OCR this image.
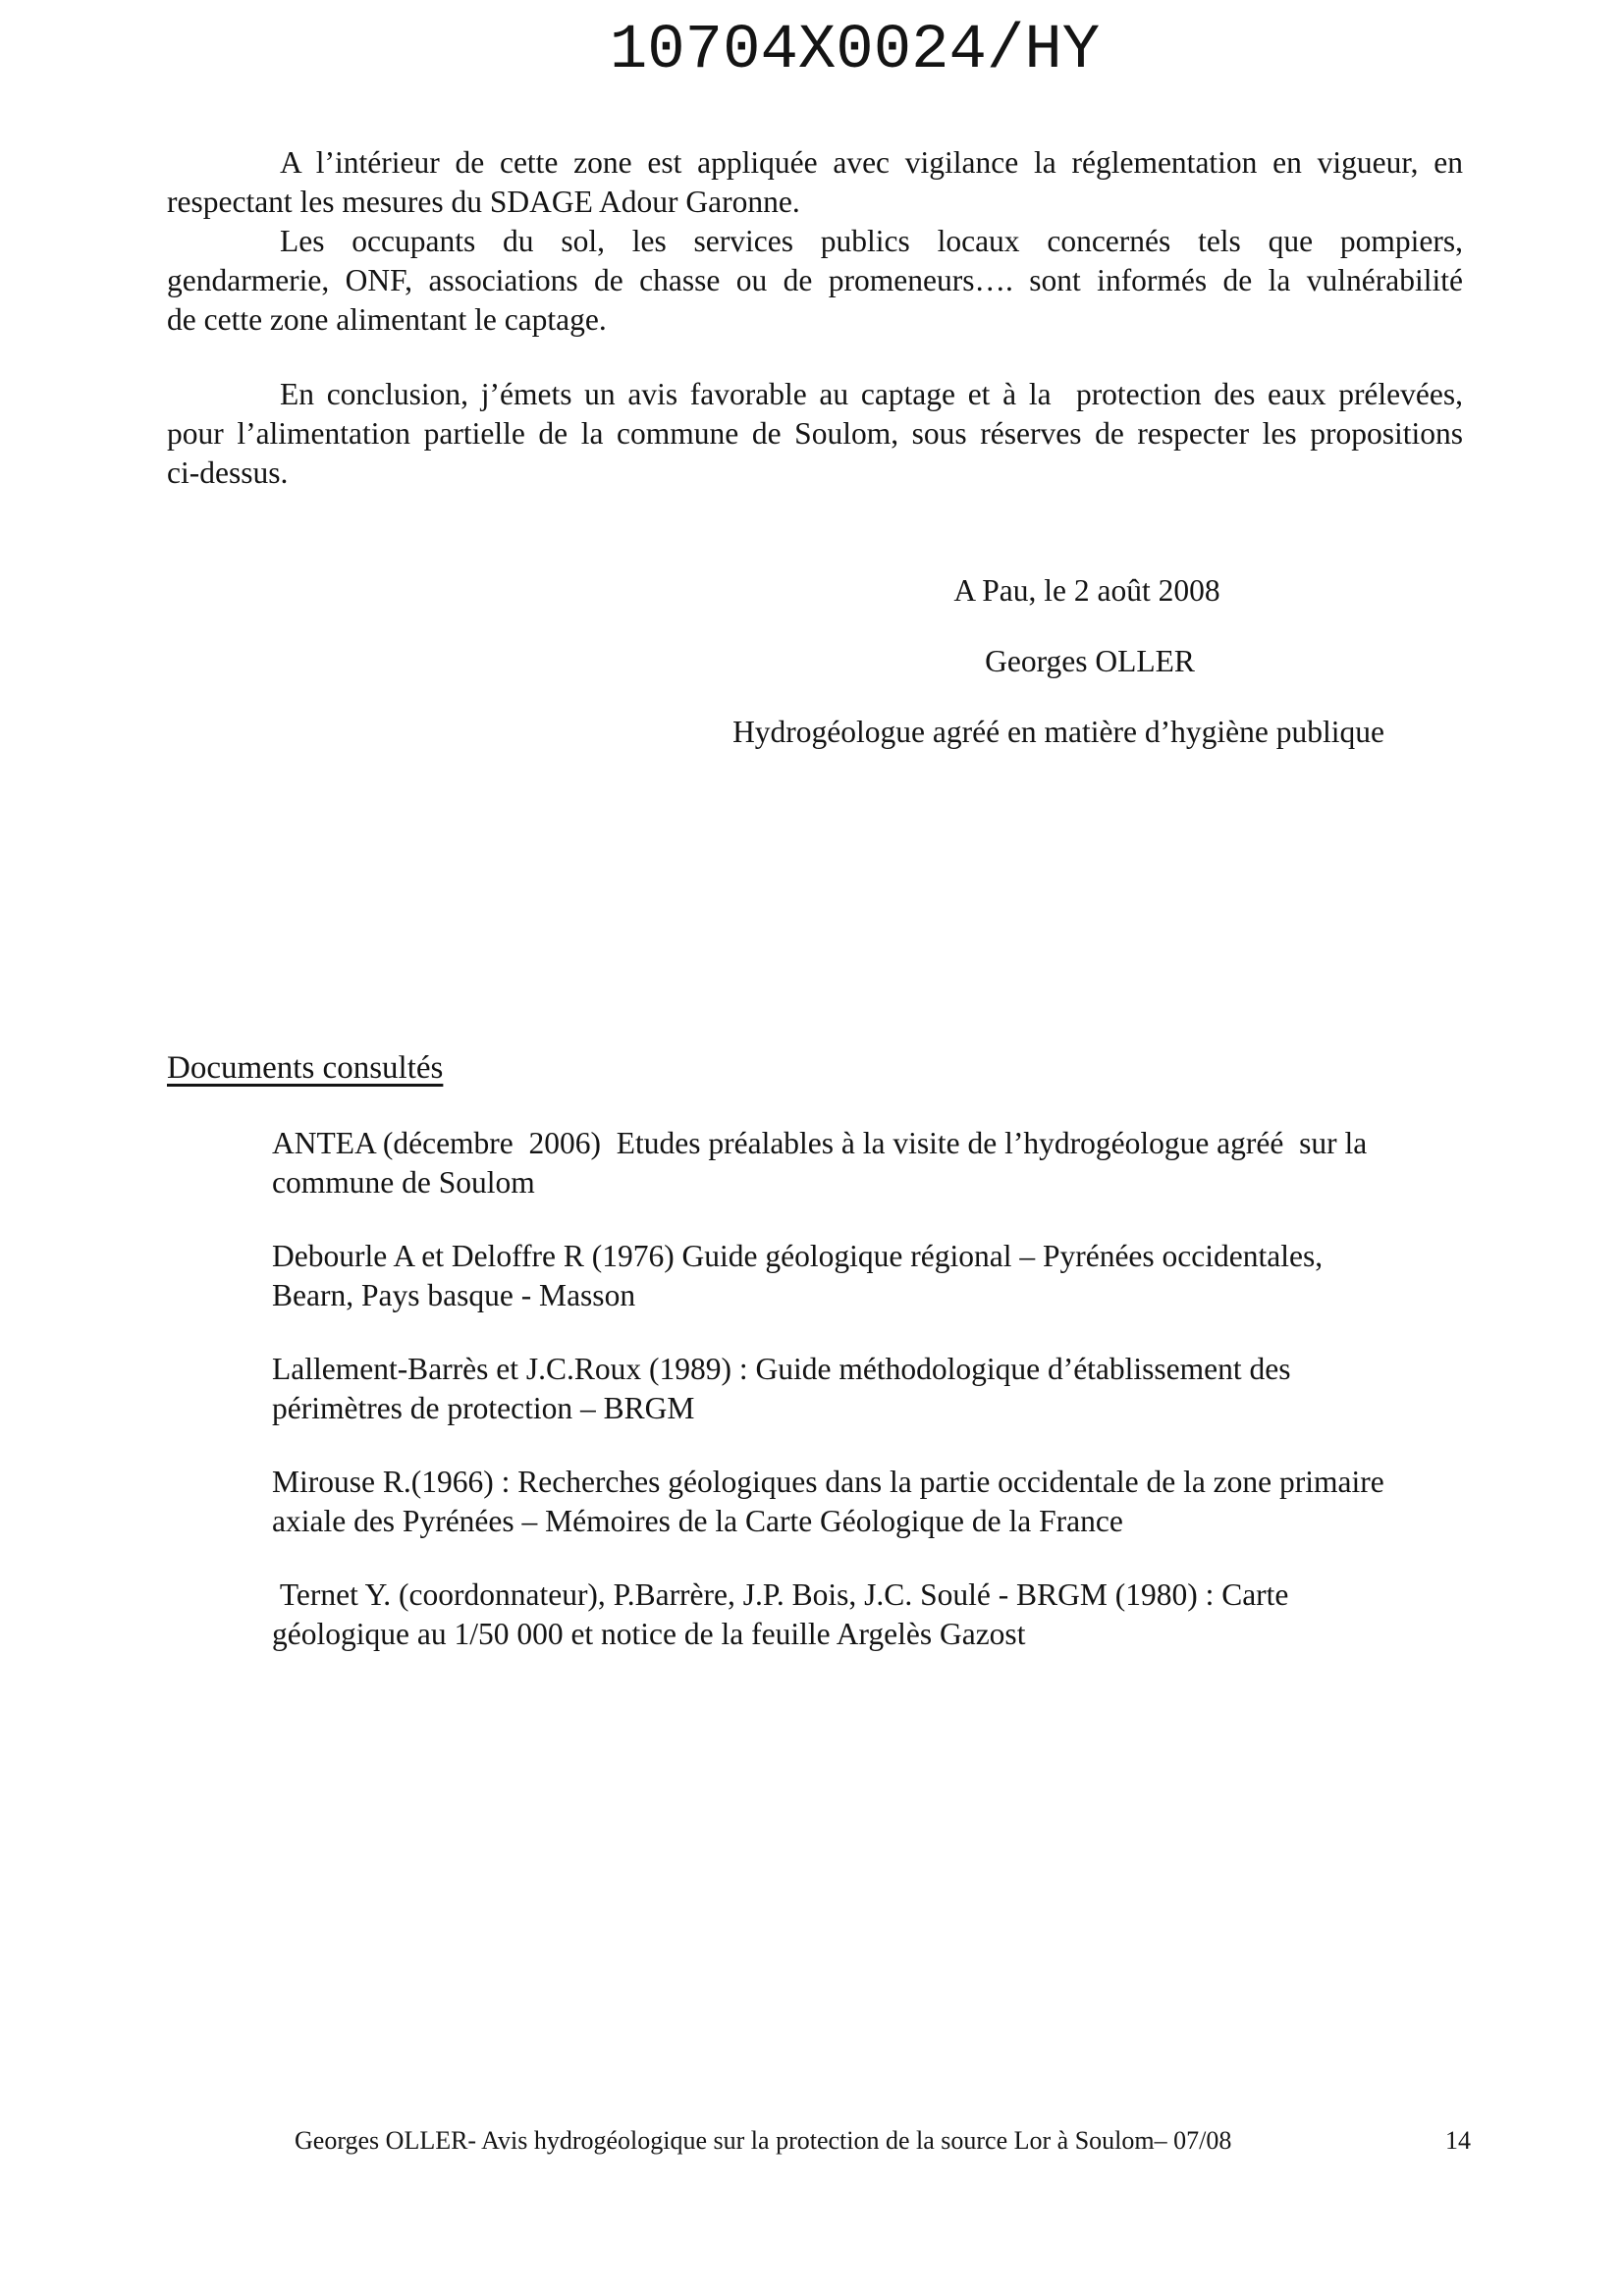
10704X0024/HY
A l’intérieur de cette zone est appliquée avec vigilance la réglementation en vigueur, en
respectant les mesures du SDAGE Adour Garonne.
Les occupants du sol, les services publics locaux concernés tels que pompiers,
gendarmerie, ONF, associations de chasse ou de promeneurs…. sont informés de la vulnérabilité
de cette zone alimentant le captage.
En conclusion, j’émets un avis favorable au captage et à la  protection des eaux prélevées,
pour l’alimentation partielle de la commune de Soulom, sous réserves de respecter les propositions
ci-dessus.
A Pau, le 2 août 2008
Georges OLLER
Hydrogéologue agréé en matière d’hygiène publique
Documents consultés
ANTEA (décembre  2006)  Etudes préalables à la visite de l’hydrogéologue agréé  sur la
commune de Soulom
Debourle A et Deloffre R (1976) Guide géologique régional – Pyrénées occidentales,
Bearn, Pays basque - Masson
Lallement-Barrès et J.C.Roux (1989) : Guide méthodologique d’établissement des
périmètres de protection – BRGM
Mirouse R.(1966) : Recherches géologiques dans la partie occidentale de la zone primaire
axiale des Pyrénées – Mémoires de la Carte Géologique de la France
Ternet Y. (coordonnateur), P.Barrère, J.P. Bois, J.C. Soulé - BRGM (1980) : Carte
géologique au 1/50 000 et notice de la feuille Argelès Gazost
Georges OLLER- Avis hydrogéologique sur la protection de la source Lor à Soulom– 07/08	14
